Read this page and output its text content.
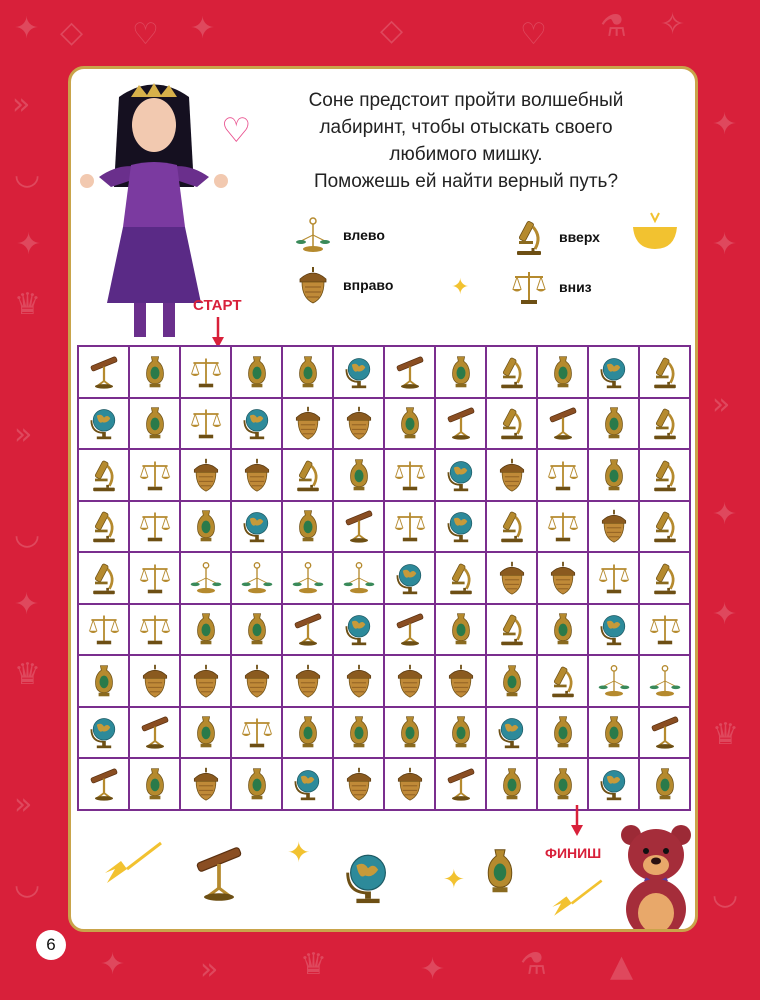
✦ ◇ ♡ ✦	◇	♡ ⚗ ✧
»
◡
✦
♛
»
◡
✦
♛
»
◡
✦
✦
»
✦
✦
♛
◡
✦ »	♛	✦ ⚗ ▲
♡
Соне предстоит пройти волшебный
лабиринт, чтобы отыскать своего
любимого мишку.
Поможешь ей найти верный путь?
влево
вправо
вверх
вниз
✦
СТАРТ
ФИНИШ
✦
✦
6
